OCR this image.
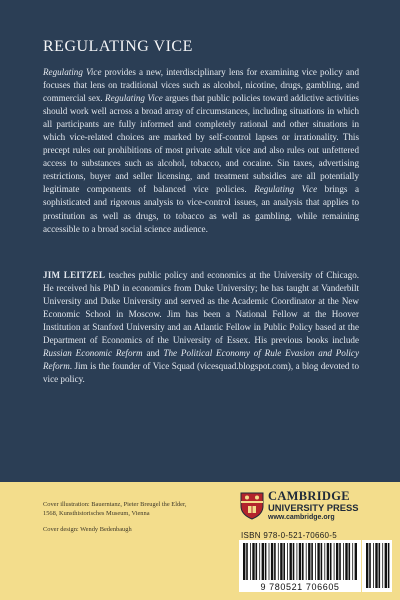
REGULATING VICE

Regulating Vice provides a new, interdisciplinary lens for examining vice policy and focuses that lens on traditional vices such as alcohol, nicotine, drugs, gambling, and commercial sex. Regulating Vice argues that public policies toward addictive activities should work well across a broad array of circumstances, including situations in which all participants are fully informed and completely rational and other situations in which vice-related choices are marked by self-control lapses or irrationality. This precept rules out prohibitions of most private adult vice and also rules out unfettered access to substances such as alcohol, tobacco, and cocaine. Sin taxes, advertising restrictions, buyer and seller licensing, and treatment subsidies are all potentially legitimate components of balanced vice policies. Regulating Vice brings a sophisticated and rigorous analysis to vice-control issues, an analysis that applies to prostitution as well as drugs, to tobacco as well as gambling, while remaining accessible to a broad social science audience.

JIM LEITZEL teaches public policy and economics at the University of Chicago. He received his PhD in economics from Duke University; he has taught at Vanderbilt University and Duke University and served as the Academic Coordinator at the New Economic School in Moscow. Jim has been a National Fellow at the Hoover Institution at Stanford University and an Atlantic Fellow in Public Policy based at the Department of Economics of the University of Essex. His previous books include Russian Economic Reform and The Political Economy of Rule Evasion and Policy Reform. Jim is the founder of Vice Squad (vicesquad.blogspot.com), a blog devoted to vice policy.

Cover illustration: Bauerntanz, Pieter Breugel the Elder, 1568, Kunsthistorisches Museum, Vienna
Cover design: Wendy Bedenbaugh

CAMBRIDGE

UNIVERSITY PRESS

www.cambridge.org

ISBN 978-0-521-70660-5

9 780521 706605
